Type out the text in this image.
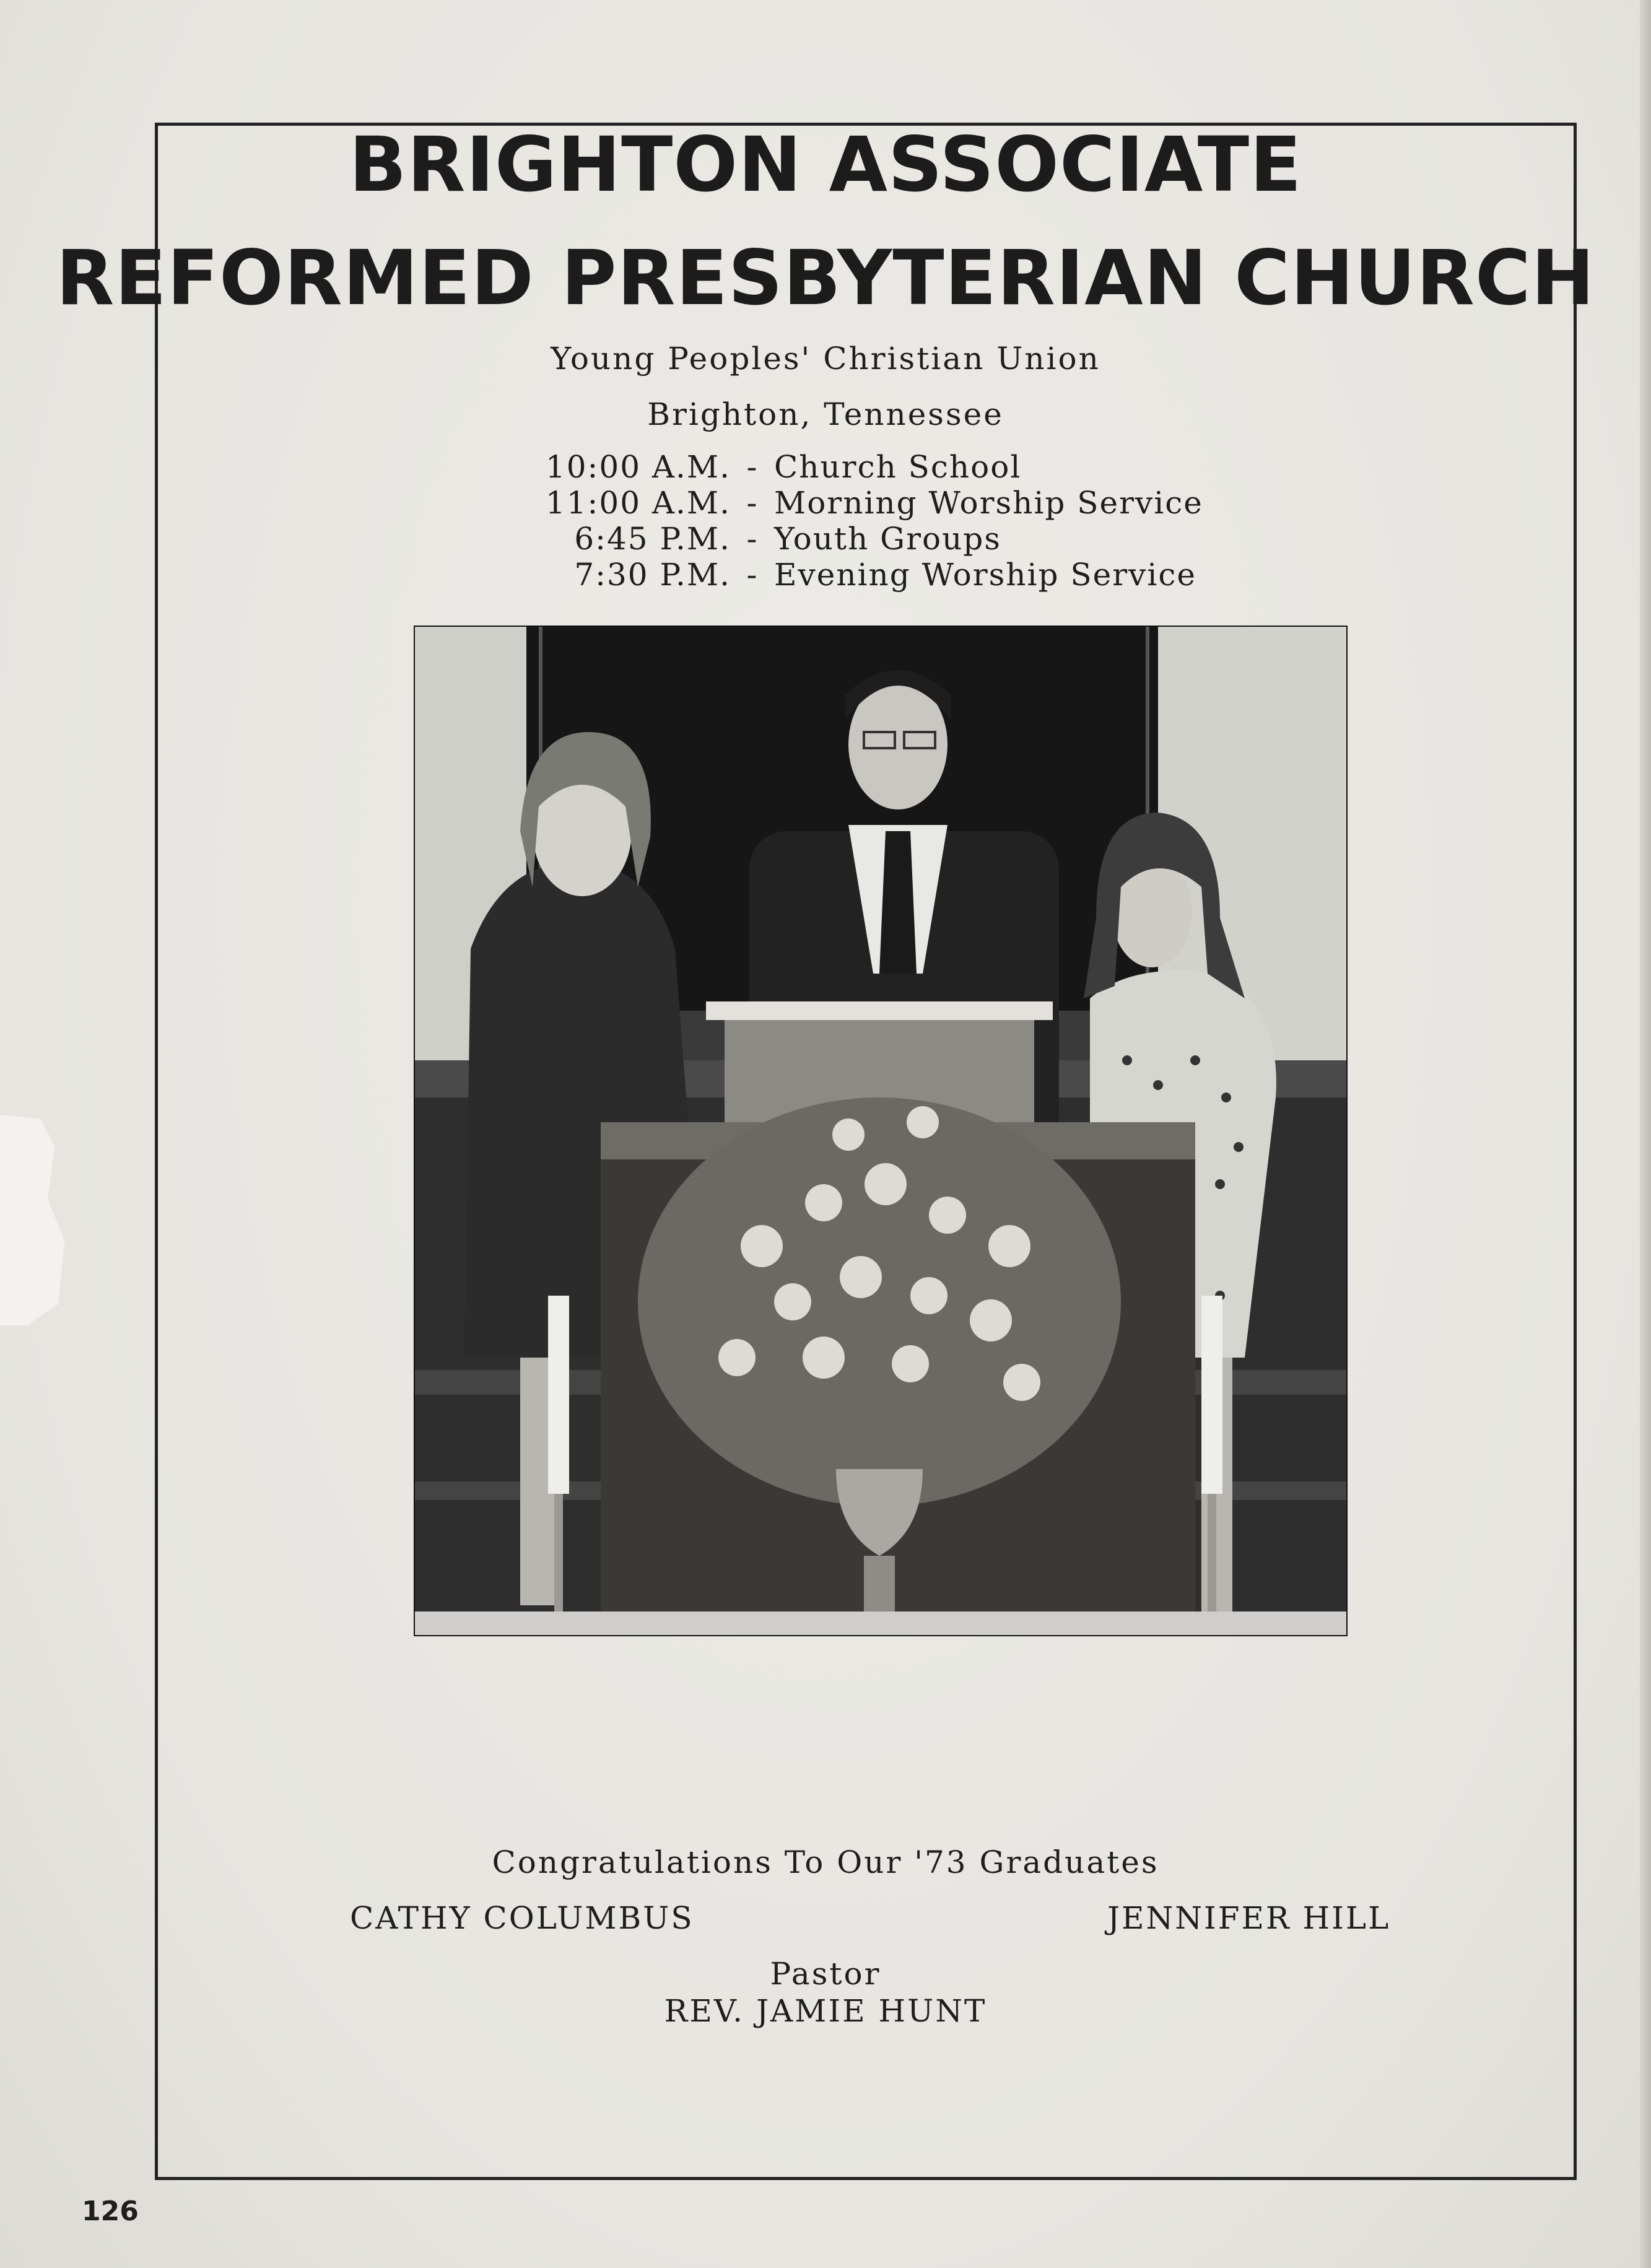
BRIGHTON ASSOCIATE
REFORMED PRESBYTERIAN CHURCH
Young Peoples' Christian Union
Brighton, Tennessee
10:00 A.M. - Church School
11:00 A.M. - Morning Worship Service
6:45 P.M. - Youth Groups
7:30 P.M. - Evening Worship Service
Congratulations To Our '73 Graduates
CATHY COLUMBUS	JENNIFER HILL
Pastor
REV. JAMIE HUNT
126
